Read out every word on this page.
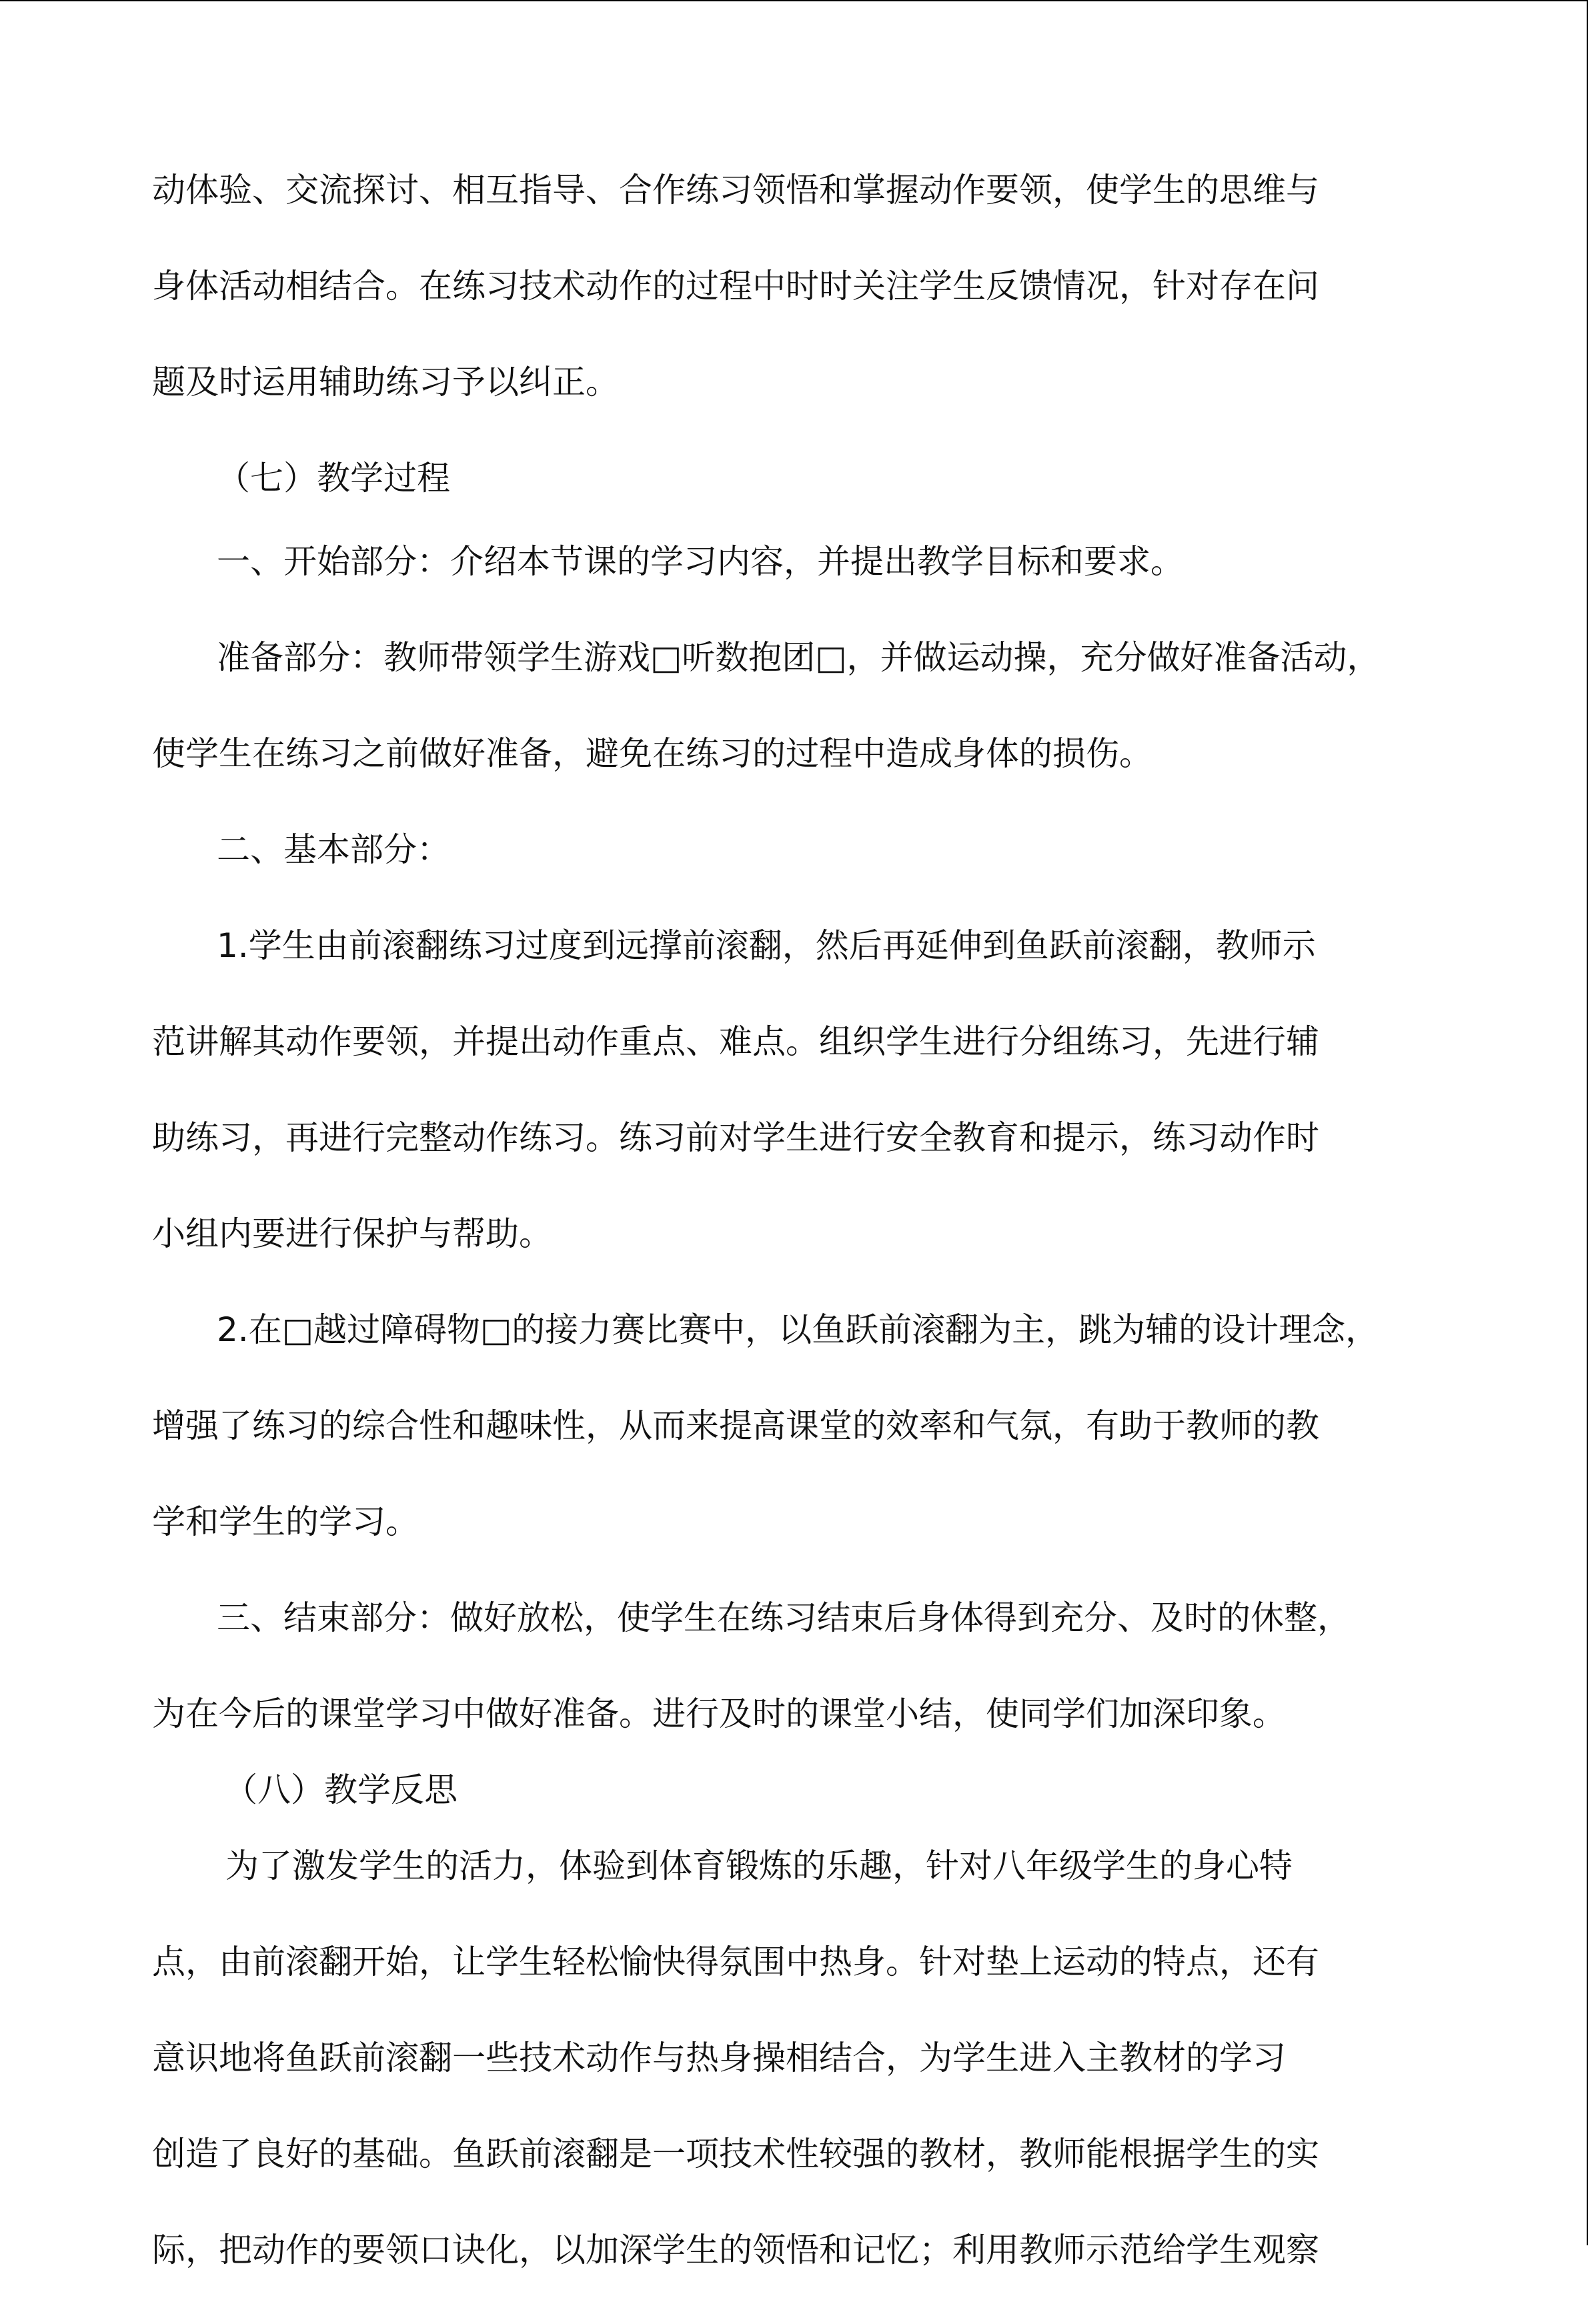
动体验、交流探讨、相互指导、合作练习领悟和掌握动作要领，使学生的思维与
身体活动相结合。在练习技术动作的过程中时时关注学生反馈情况，针对存在问
题及时运用辅助练习予以纠正。
（七）教学过程
一、开始部分：介绍本节课的学习内容，并提出教学目标和要求。
准备部分：教师带领学生游戏□听数抱团□，并做运动操，充分做好准备活动，
使学生在练习之前做好准备，避免在练习的过程中造成身体的损伤。
二、基本部分：
1.学生由前滚翻练习过度到远撑前滚翻，然后再延伸到鱼跃前滚翻，教师示
范讲解其动作要领，并提出动作重点、难点。组织学生进行分组练习，先进行辅
助练习，再进行完整动作练习。练习前对学生进行安全教育和提示，练习动作时
小组内要进行保护与帮助。
2.在□越过障碍物□的接力赛比赛中，以鱼跃前滚翻为主，跳为辅的设计理念，
增强了练习的综合性和趣味性，从而来提高课堂的效率和气氛，有助于教师的教
学和学生的学习。
三、结束部分：做好放松，使学生在练习结束后身体得到充分、及时的休整，
为在今后的课堂学习中做好准备。进行及时的课堂小结，使同学们加深印象。
（八）教学反思
为了激发学生的活力，体验到体育锻炼的乐趣，针对八年级学生的身心特
点，由前滚翻开始，让学生轻松愉快得氛围中热身。针对垫上运动的特点，还有
意识地将鱼跃前滚翻一些技术动作与热身操相结合，为学生进入主教材的学习
创造了良好的基础。鱼跃前滚翻是一项技术性较强的教材，教师能根据学生的实
际，把动作的要领口诀化，以加深学生的领悟和记忆；利用教师示范给学生观察
